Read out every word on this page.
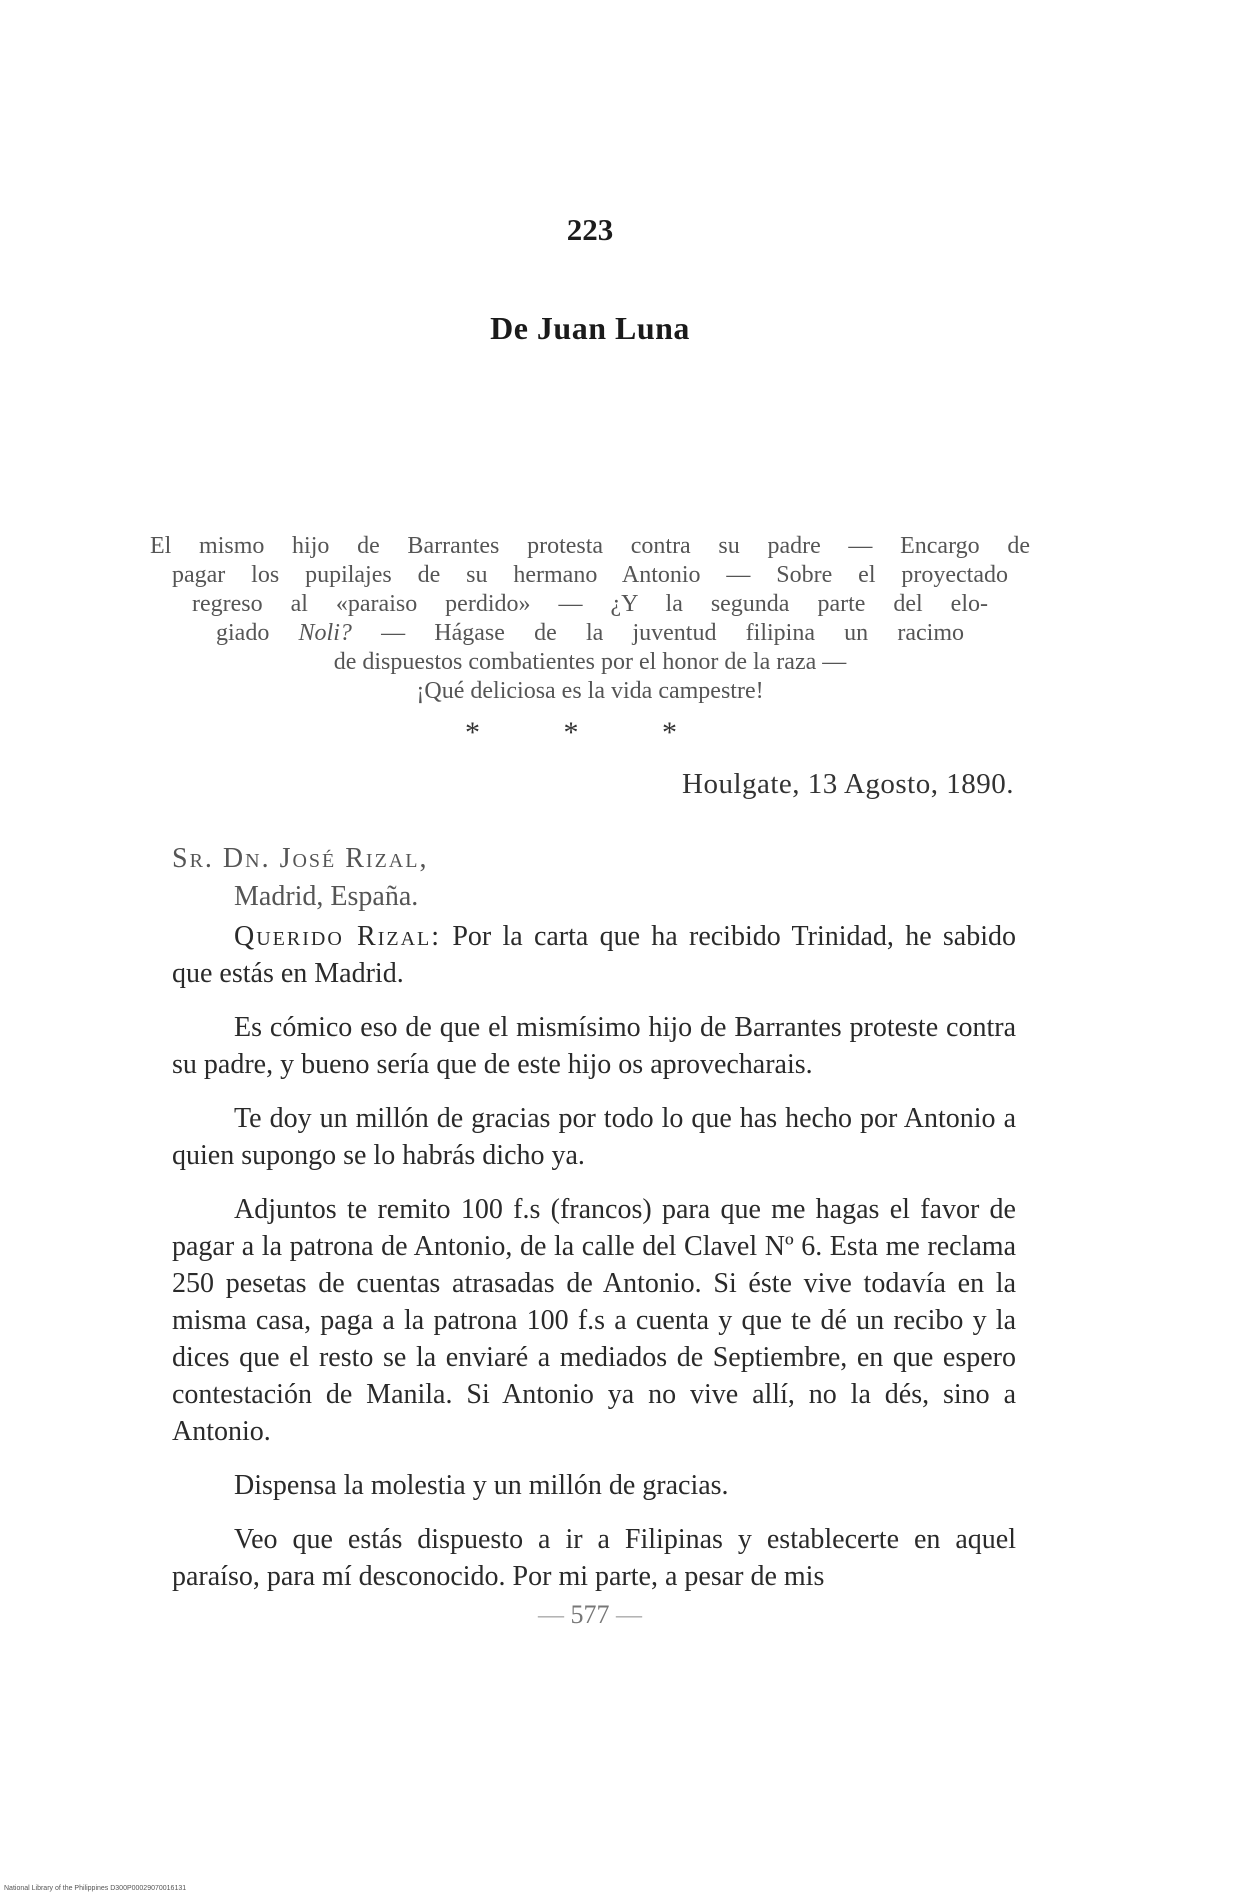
223
De Juan Luna
El mismo hijo de Barrantes protesta contra su padre — Encargo de
pagar los pupilajes de su hermano Antonio — Sobre el proyectado
regreso al «paraiso perdido» — ¿Y la segunda parte del elo-
giado Noli? — Hágase de la juventud filipina un racimo
de dispuestos combatientes por el honor de la raza —
¡Qué deliciosa es la vida campestre!
* * *
Houlgate, 13 Agosto, 1890.
Sr. Dn. José Rizal,
Madrid, España.

Querido Rizal: Por la carta que ha recibido Trinidad, he sabido que estás en Madrid.

Es cómico eso de que el mismísimo hijo de Barrantes proteste contra su padre, y bueno sería que de este hijo os aprovecharais.

Te doy un millón de gracias por todo lo que has hecho por Antonio a quien supongo se lo habrás dicho ya.

Adjuntos te remito 100 f.s (francos) para que me hagas el favor de pagar a la patrona de Antonio, de la calle del Clavel Nº 6. Esta me reclama 250 pesetas de cuentas atrasadas de Antonio. Si éste vive todavía en la misma casa, paga a la patrona 100 f.s a cuenta y que te dé un recibo y la dices que el resto se la enviaré a mediados de Septiembre, en que espero contestación de Manila. Si Antonio ya no vive allí, no la dés, sino a Antonio.

Dispensa la molestia y un millón de gracias.

Veo que estás dispuesto a ir a Filipinas y establecerte en aquel paraíso, para mí desconocido. Por mi parte, a pesar de mis

— 577 —
National Library of the Philippines D300P00029070016131
